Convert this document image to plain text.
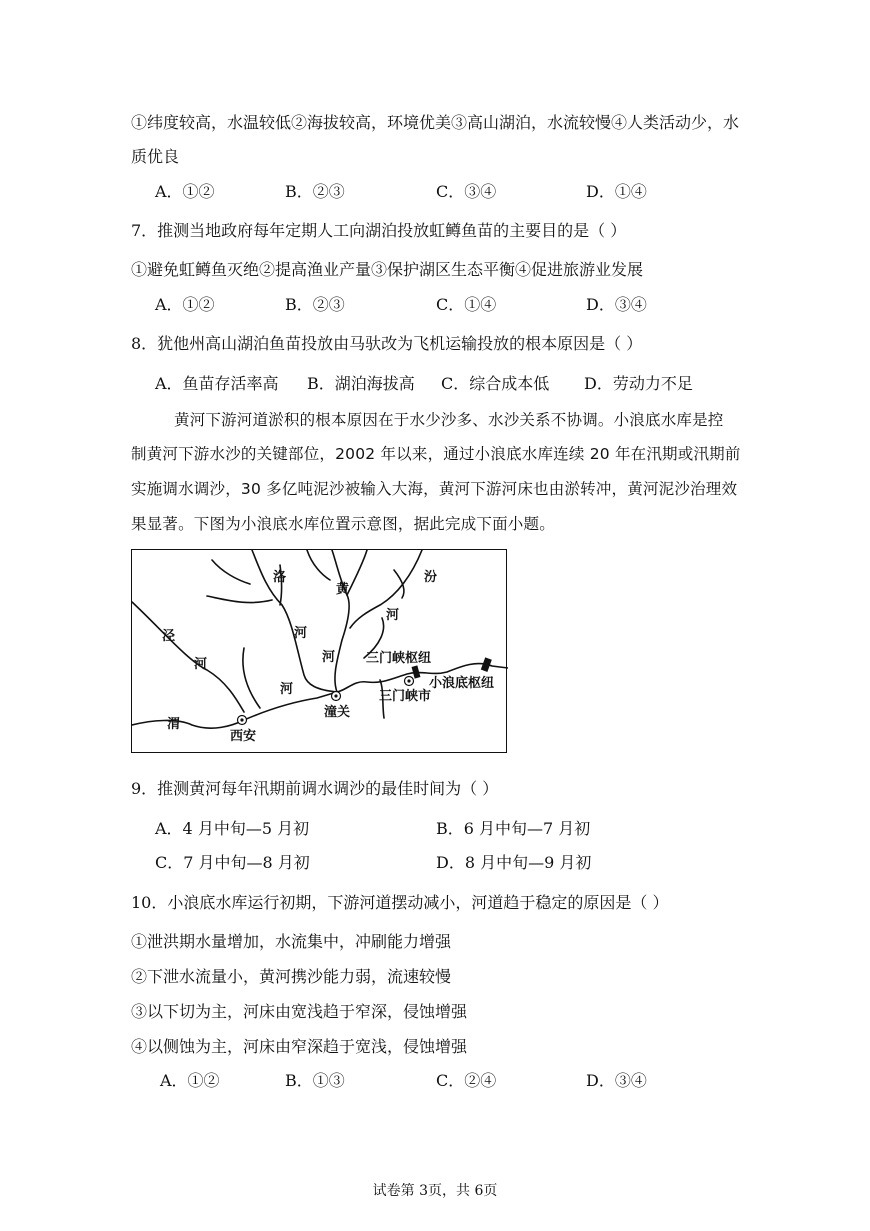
①纬度较高，水温较低②海拔较高，环境优美③高山湖泊，水流较慢④人类活动少，水
质优良
A．①②	B．②③	C．③④	D．①④
7．推测当地政府每年定期人工向湖泊投放虹鳟鱼苗的主要目的是（ ）
①避免虹鳟鱼灭绝②提高渔业产量③保护湖区生态平衡④促进旅游业发展
A．①②	B．②③	C．①④	D．③④
8．犹他州高山湖泊鱼苗投放由马驮改为飞机运输投放的根本原因是（ ）
A．鱼苗存活率高 B．湖泊海拔高 C．综合成本低 D．劳动力不足
黄河下游河道淤积的根本原因在于水少沙多、水沙关系不协调。小浪底水库是控
制黄河下游水沙的关键部位，2002 年以来，通过小浪底水库连续 20 年在汛期或汛期前
实施调水调沙，30 多亿吨泥沙被输入大海，黄河下游河床也由淤转冲，黄河泥沙治理效
果显著。下图为小浪底水库位置示意图，据此完成下面小题。
洛
河
黄
河
汾
河
泾
河
渭
河
西安
潼关
三门峡枢纽
三门峡市
小浪底枢纽
9．推测黄河每年汛期前调水调沙的最佳时间为（ ）
A．4 月中旬—5 月初	B．6 月中旬—7 月初
C．7 月中旬—8 月初	D．8 月中旬—9 月初
10．小浪底水库运行初期，下游河道摆动减小，河道趋于稳定的原因是（ ）
①泄洪期水量增加，水流集中，冲刷能力增强
②下泄水流量小，黄河携沙能力弱，流速较慢
③以下切为主，河床由宽浅趋于窄深，侵蚀增强
④以侧蚀为主，河床由窄深趋于宽浅，侵蚀增强
A．①②	B．①③	C．②④	D．③④
试卷第 3页，共 6页
